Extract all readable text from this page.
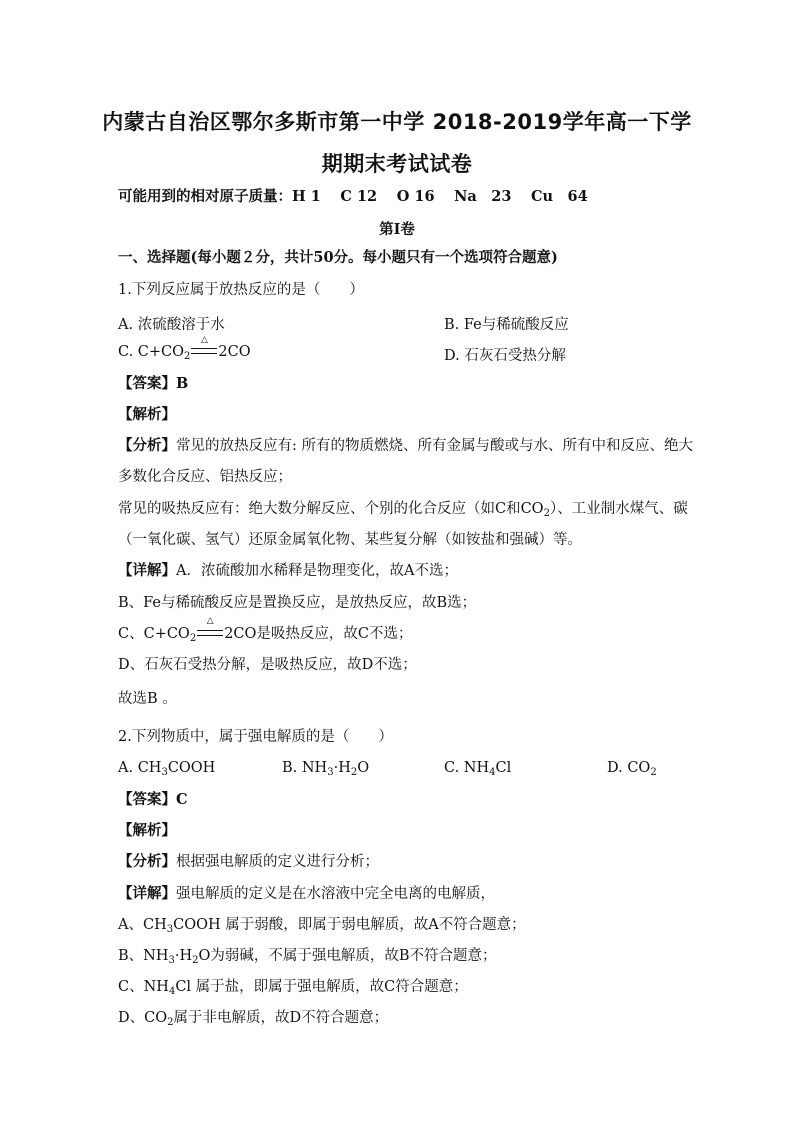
内蒙古自治区鄂尔多斯市第一中学 2018-2019学年高一下学
期期末考试试卷
可能用到的相对原子质量：H 1　 C 12　 O 16　 Na　23　 Cu　64
第Ⅰ卷
一、选择题(每小题２分，共计50分。每小题只有一个选项符合题意)
1.下列反应属于放热反应的是（　　）
A. 浓硫酸溶于水	B. Fe与稀硫酸反应
C. $C+CO_2$
△
2CO	D. 石灰石受热分解
【答案】B
【解析】
【分析】常见的放热反应有: 所有的物质燃烧、所有金属与酸或与水、所有中和反应、绝大
多数化合反应、铝热反应；
常见的吸热反应有：绝大数分解反应、个别的化合反应（如C和$CO_2$）、工业制水煤气、碳
（一氧化碳、氢气）还原金属氧化物、某些复分解（如铵盐和强碱）等。
【详解】A．浓硫酸加水稀释是物理变化，故A不选；
B、Fe与稀硫酸反应是置换反应，是放热反应，故B选；
C、$C+CO_2$
△
2CO是吸热反应，故C不选；
D、石灰石受热分解，是吸热反应，故D不选；
故选B 。
2.下列物质中，属于强电解质的是（　　）
A. $CH_3COOH$	B. $NH_3\cdot H_2O$	C. $NH_4Cl$	D. $CO_2$
【答案】C
【解析】
【分析】根据强电解质的定义进行分析；
【详解】强电解质的定义是在水溶液中完全电离的电解质，
A、$CH_3COOH$ 属于弱酸，即属于弱电解质，故A不符合题意；
B、$NH_3\cdot H_2O$为弱碱，不属于强电解质，故B不符合题意；
C、$NH_4Cl$ 属于盐，即属于强电解质，故C符合题意；
D、$CO_2$属于非电解质，故D不符合题意；
